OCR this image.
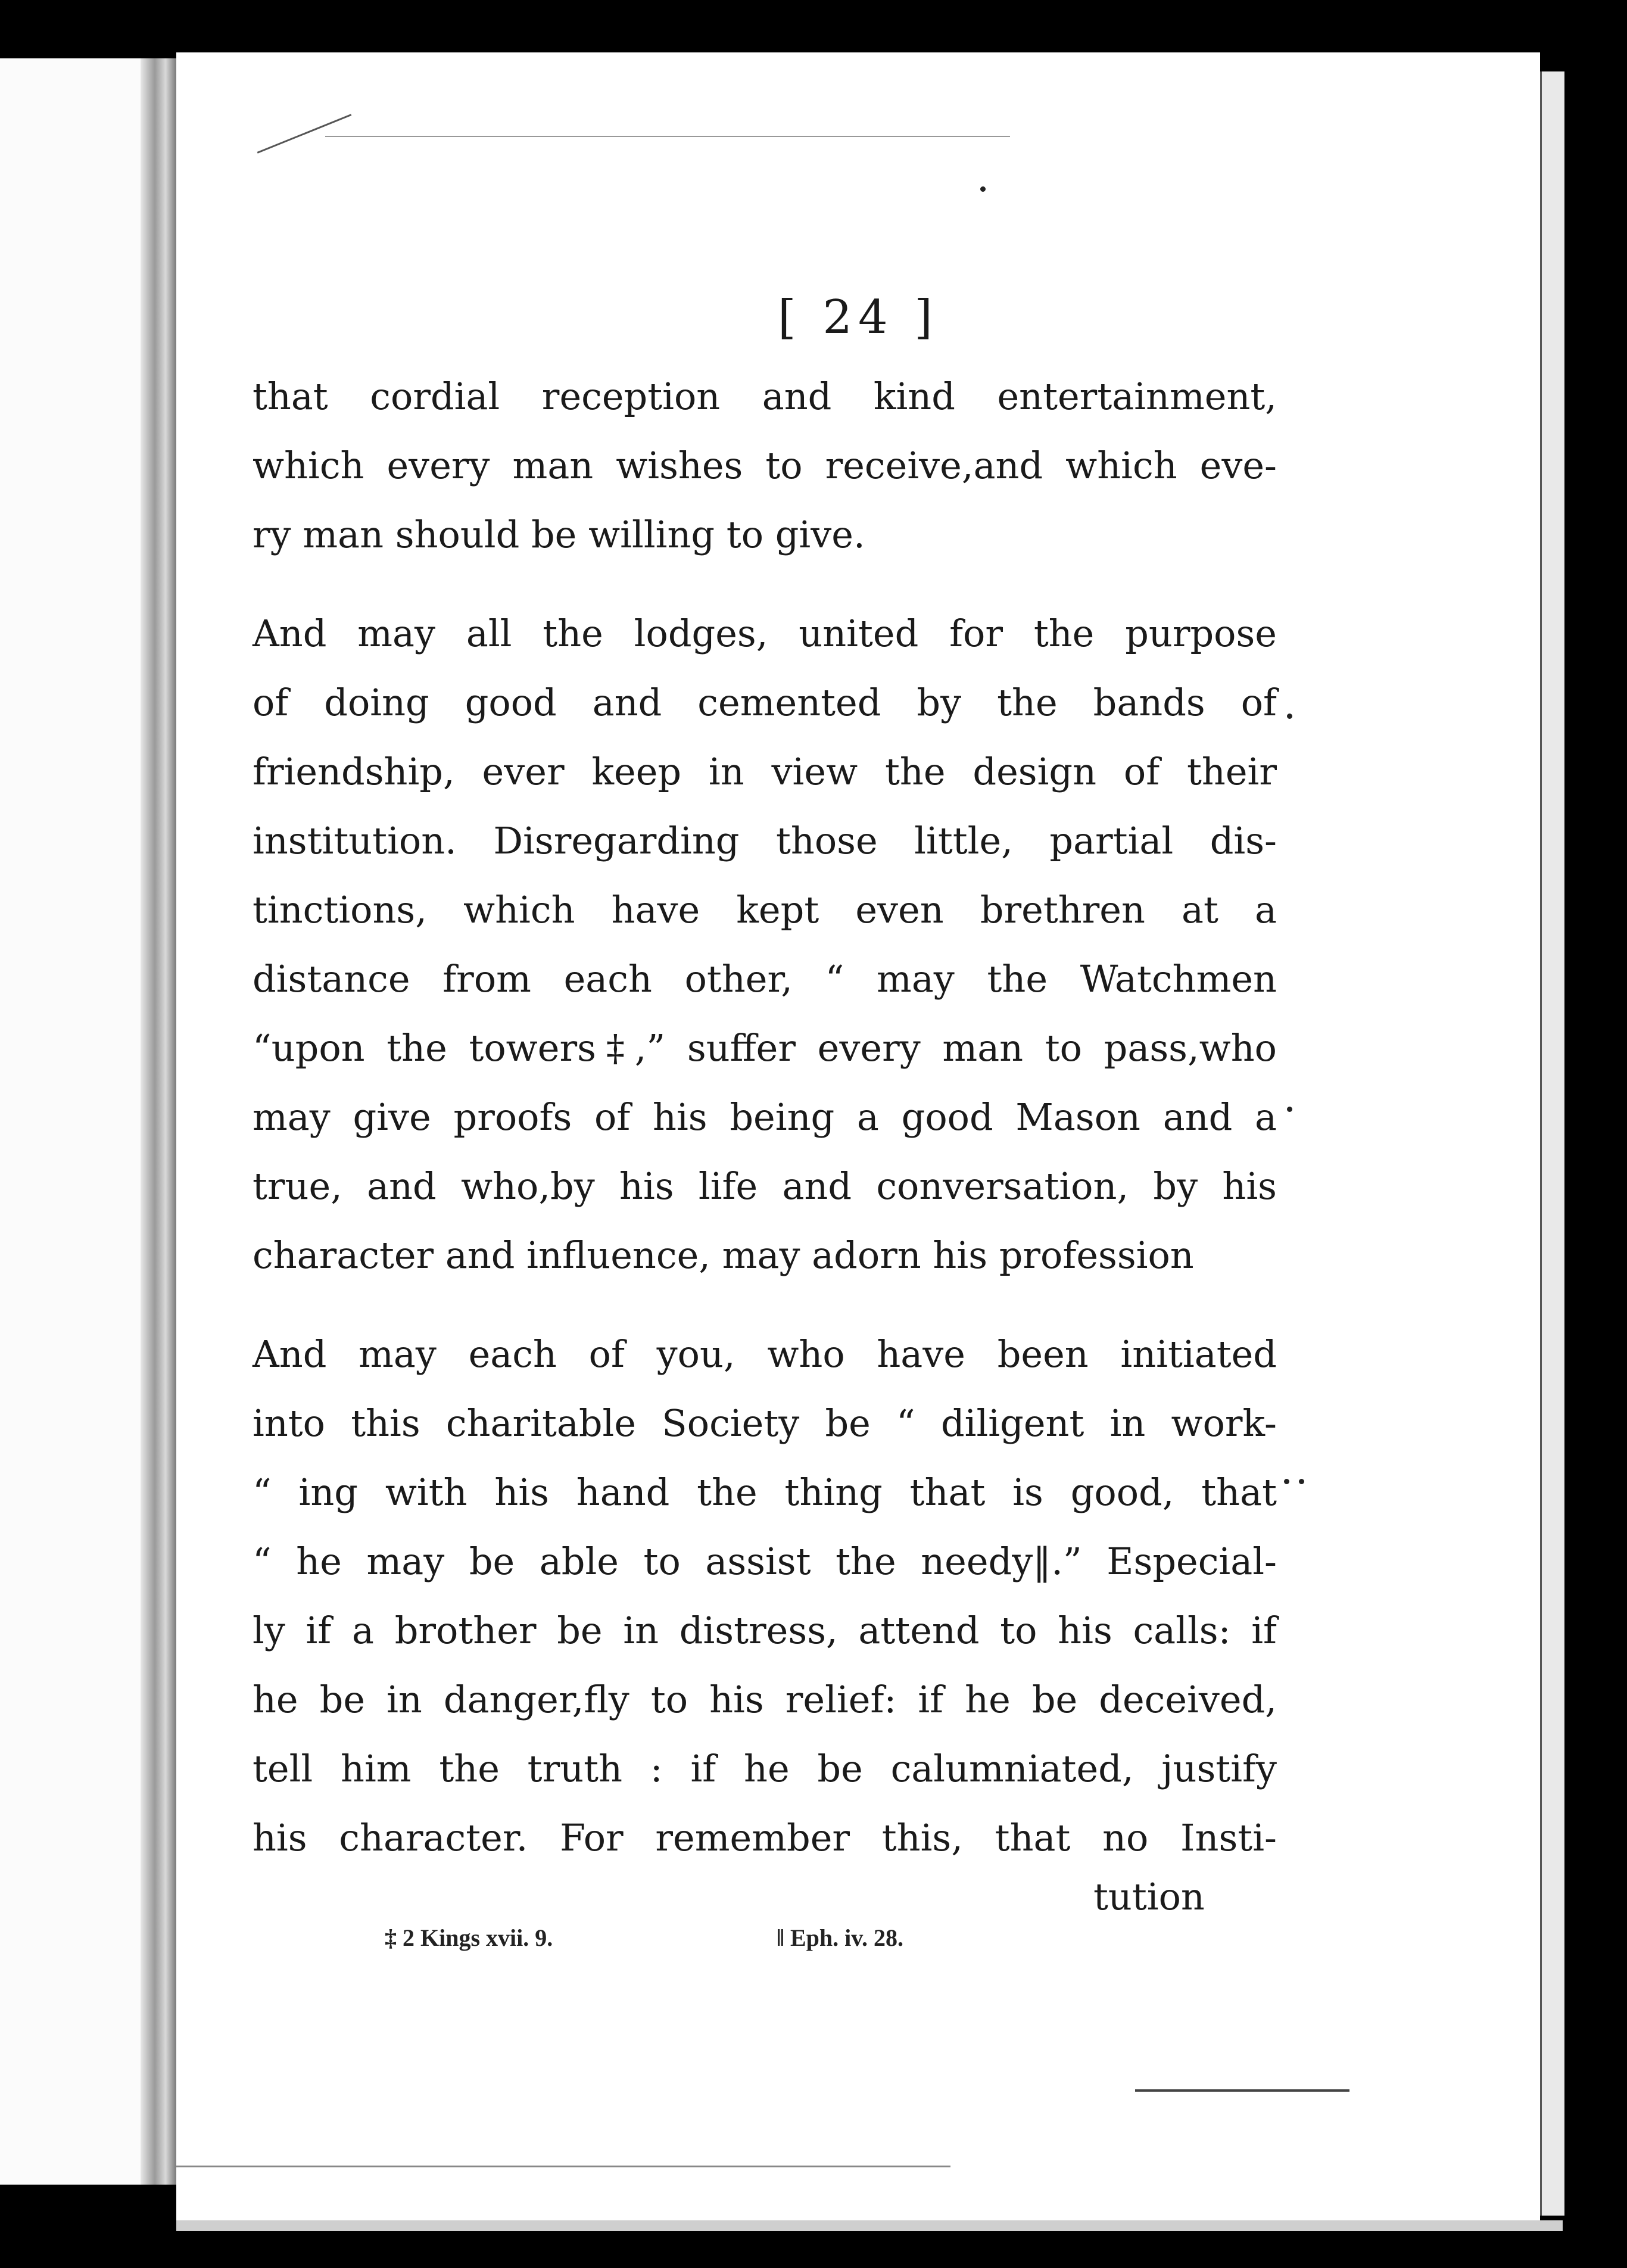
[ 24 ]
that cordial reception and kind entertainment,
which every man wishes to receive,and which eve-
ry man should be willing to give.
And may all the lodges, united for the purpose
of doing good and cemented by the bands of
friendship, ever keep in view the design of their
institution. Disregarding those little, partial dis-
tinctions, which have kept even brethren at a
distance from each other, “ may the Watchmen
“upon the towers‡,” suffer every man to pass,who
may give proofs of his being a good Mason and a
true, and who,by his life and conversation, by his
character and influence, may adorn his profession
And may each of you, who have been initiated
into this charitable Society be “ diligent in work-
“ ing with his hand the thing that is good, that
“ he may be able to assist the needy‖.” Especial-
ly if a brother be in distress, attend to his calls: if
he be in danger,fly to his relief: if he be deceived,
tell him the truth : if he be calumniated, justify
his character. For remember this, that no Insti-
tution
‡ 2 Kings xvii. 9.	‖ Eph. iv. 28.
